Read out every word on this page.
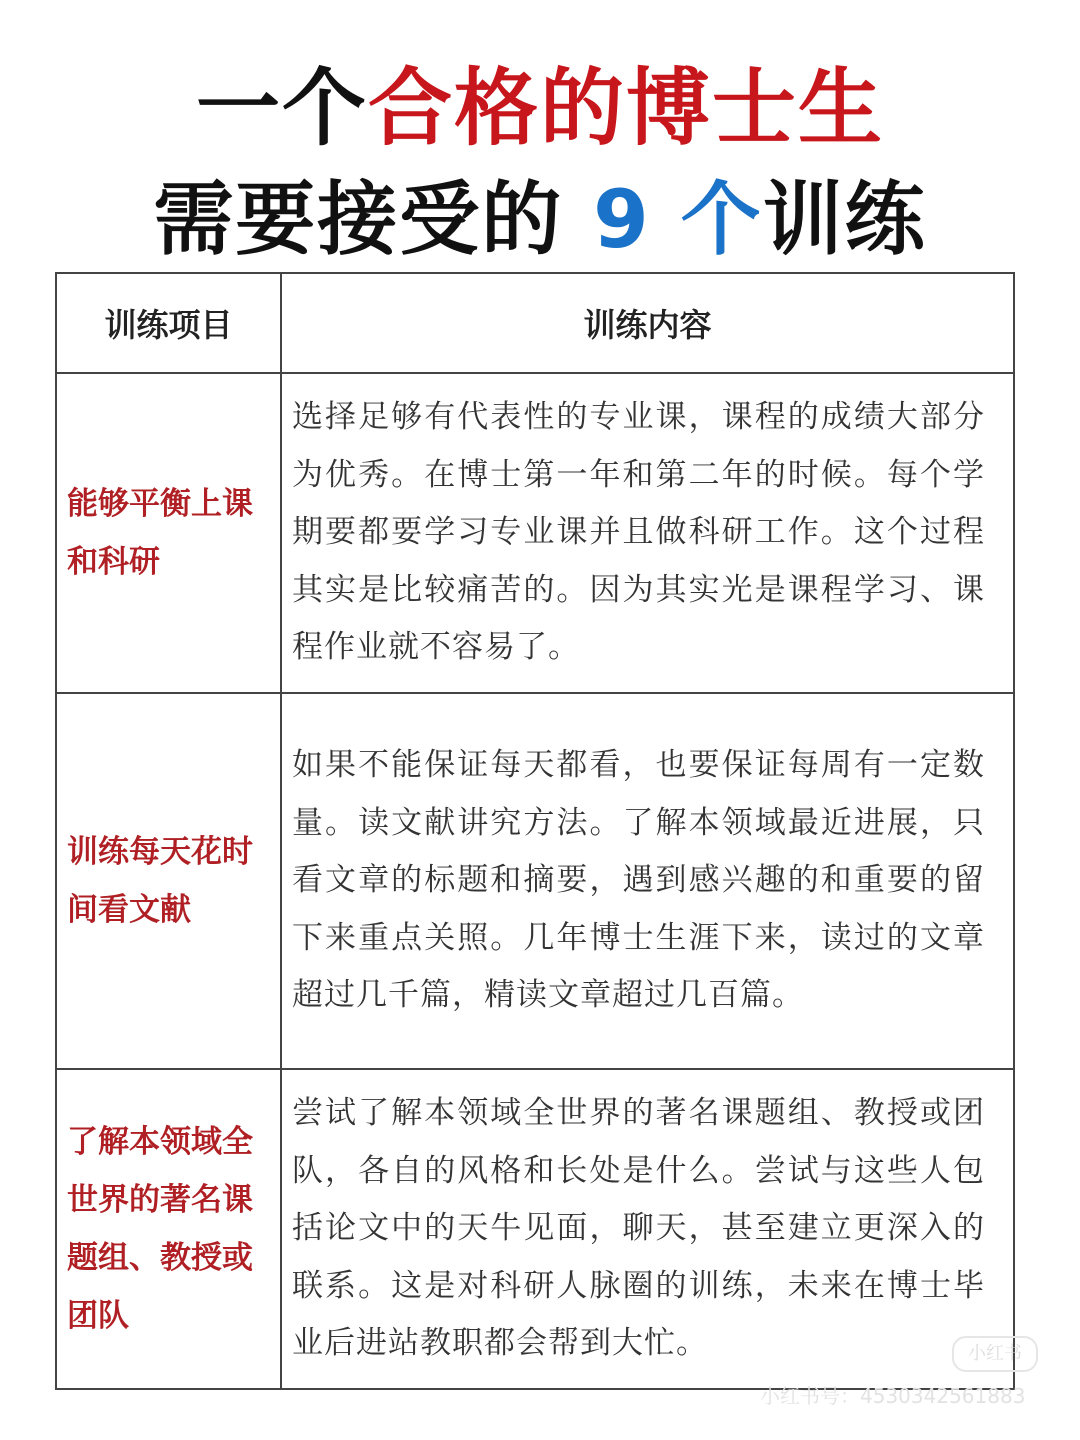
一个合格的博士生
需要接受的 9 个训练
训练项目	训练内容
能够平衡上课和科研	选择足够有代表性的专业课，课程的成绩大部分为优秀。在博士第一年和第二年的时候。每个学期要都要学习专业课并且做科研工作。这个过程其实是比较痛苦的。因为其实光是课程学习、课程作业就不容易了。
训练每天花时间看文献	如果不能保证每天都看，也要保证每周有一定数量。读文献讲究方法。了解本领域最近进展，只看文章的标题和摘要，遇到感兴趣的和重要的留下来重点关照。几年博士生涯下来，读过的文章超过几千篇，精读文章超过几百篇。
了解本领域全世界的著名课题组、教授或团队	尝试了解本领域全世界的著名课题组、教授或团队，各自的风格和长处是什么。尝试与这些人包括论文中的天牛见面，聊天，甚至建立更深入的联系。这是对科研人脉圈的训练，未来在博士毕业后进站教职都会帮到大忙。	小红书
小红书号：4530342561883
